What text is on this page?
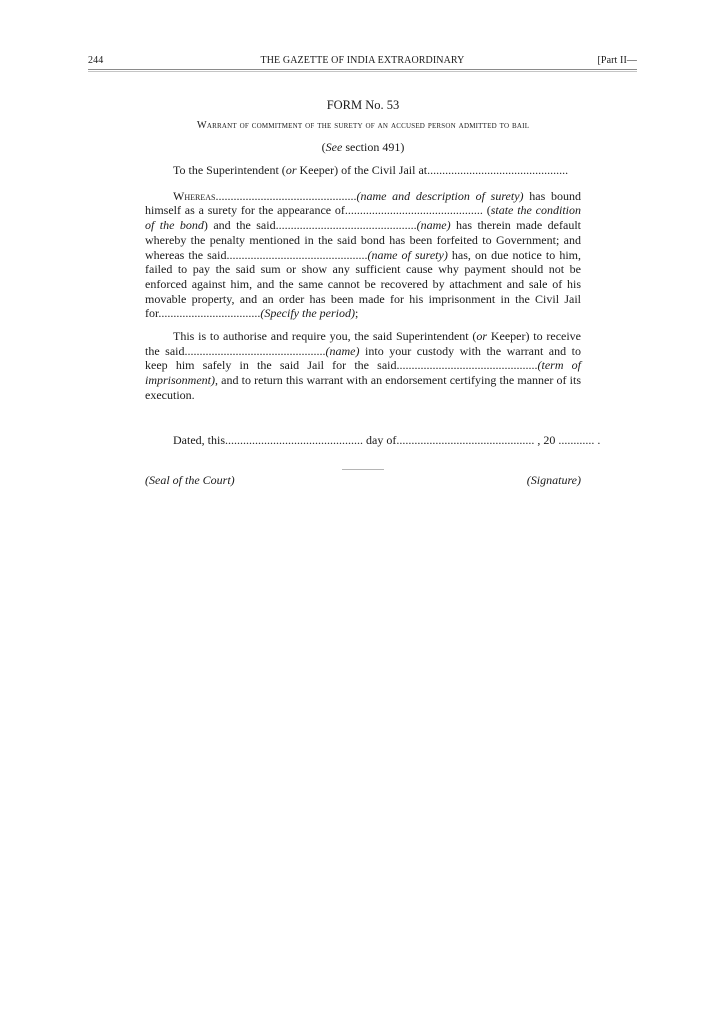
244	THE GAZETTE OF INDIA EXTRAORDINARY	[Part II—

FORM No. 53

Warrant of commitment of the surety of an accused person admitted to bail

(See section 491)

To the Superintendent (or Keeper) of the Civil Jail at...............................................

Whereas...............................................(name and description of surety) has bound himself as a surety for the appearance of.............................................. (state the condition of the bond) and the said...............................................(name) has therein made default whereby the penalty mentioned in the said bond has been forfeited to Government; and whereas the said...............................................(name of surety) has, on due notice to him, failed to pay the said sum or show any sufficient cause why payment should not be enforced against him, and the same cannot be recovered by attachment and sale of his movable property, and an order has been made for his imprisonment in the Civil Jail for..................................(Specify the period);

This is to authorise and require you, the said Superintendent (or Keeper) to receive the said...............................................(name) into your custody with the warrant and to keep him safely in the said Jail for the said...............................................(term of imprisonment), and to return this warrant with an endorsement certifying the manner of its execution.

Dated, this.............................................. day of.............................................. , 20 ............ .
(Seal of the Court)	(Signature)
